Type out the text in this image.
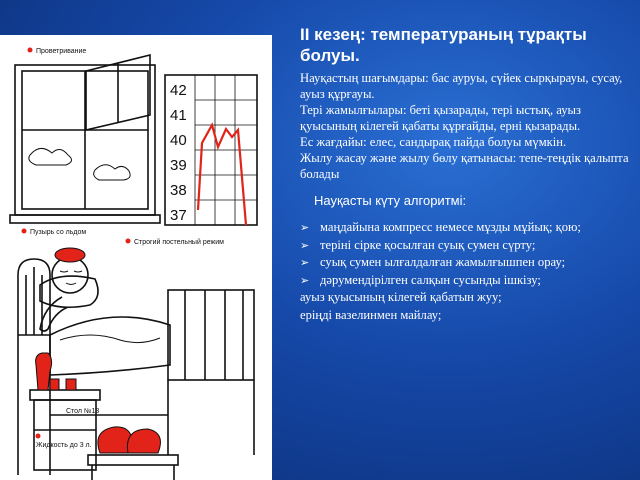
Проветривание
42
41
40
39
38
37
Пузырь со льдом
Строгий постельный режим
Стол №13
Жидкость до 3 л.
II кезең: температураның тұрақты болуы.

Науқастың шағымдары: бас ауруы, сүйек сырқырауы, сусау, ауыз құрғауы.

Тері жамылғылары: беті қызарады, тері ыстық, ауыз қуысының кілегей қабаты құрғайды, ерні қызарады.

Ес жағдайы: елес, сандырақ пайда болуы мүмкін.

Жылу жасау және жылу бөлу қатынасы: тепе-теңдік қалыпта болады

Науқасты күту алгоритмі:
➢ маңдайына компресс немесе мұзды мұйық; қою;
➢ теріні сірке қосылған суық сумен сүрту;
➢ суық сумен ылғалдалған жамылғышпен орау;
➢ дәрумендірілген салқын сусынды ішкізу;
ауыз қуысының кілегей қабатын жуу;
еріңді вазелинмен майлау;
